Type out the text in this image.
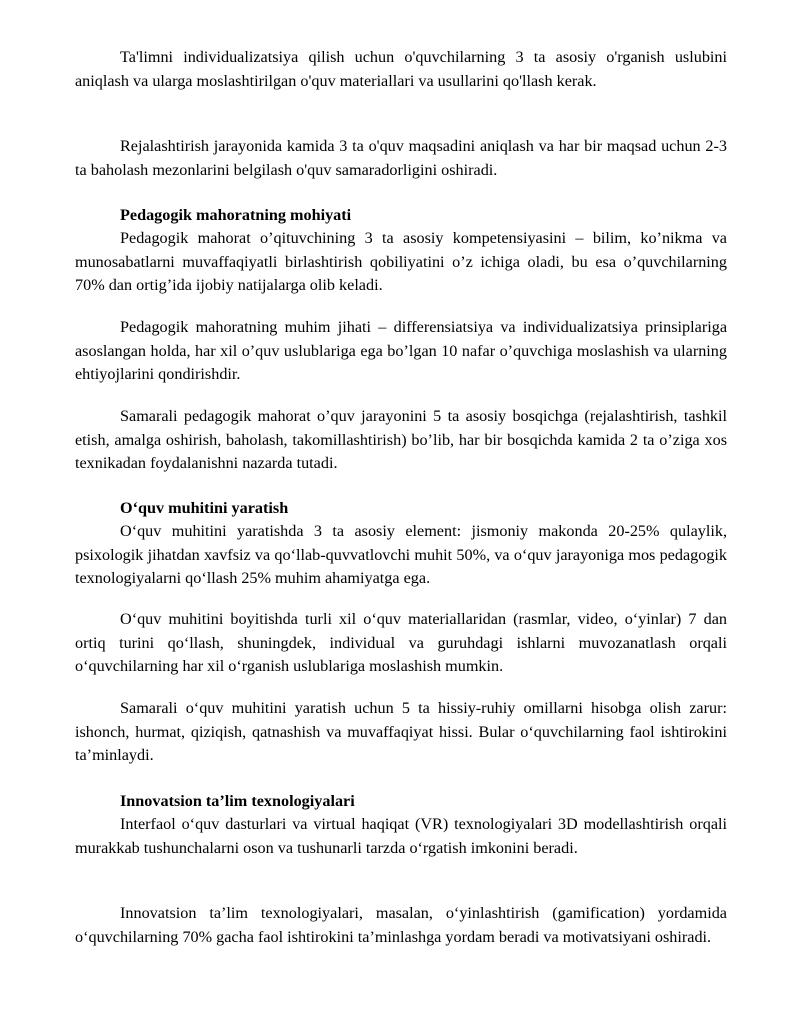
Ta'limni individualizatsiya qilish uchun o'quvchilarning 3 ta asosiy o'rganish uslubini aniqlash va ularga moslashtirilgan o'quv materiallari va usullarini qo'llash kerak.

Rejalashtirish jarayonida kamida 3 ta o'quv maqsadini aniqlash va har bir maqsad uchun 2-3 ta baholash mezonlarini belgilash o'quv samaradorligini oshiradi.

Pedagogik mahoratning mohiyati

Pedagogik mahorat o’qituvchining 3 ta asosiy kompetensiyasini – bilim, ko’nikma va munosabatlarni muvaffaqiyatli birlashtirish qobiliyatini o’z ichiga oladi, bu esa o’quvchilarning 70% dan ortig’ida ijobiy natijalarga olib keladi.

Pedagogik mahoratning muhim jihati – differensiatsiya va individualizatsiya prinsiplariga asoslangan holda, har xil o’quv uslublariga ega bo’lgan 10 nafar o’quvchiga moslashish va ularning ehtiyojlarini qondirishdir.

Samarali pedagogik mahorat o’quv jarayonini 5 ta asosiy bosqichga (rejalashtirish, tashkil etish, amalga oshirish, baholash, takomillashtirish) bo’lib, har bir bosqichda kamida 2 ta o’ziga xos texnikadan foydalanishni nazarda tutadi.

O‘quv muhitini yaratish

O‘quv muhitini yaratishda 3 ta asosiy element: jismoniy makonda 20-25% qulaylik, psixologik jihatdan xavfsiz va qo‘llab-quvvatlovchi muhit 50%, va o‘quv jarayoniga mos pedagogik texnologiyalarni qo‘llash 25% muhim ahamiyatga ega.

O‘quv muhitini boyitishda turli xil o‘quv materiallaridan (rasmlar, video, o‘yinlar) 7 dan ortiq turini qo‘llash, shuningdek, individual va guruhdagi ishlarni muvozanatlash orqali o‘quvchilarning har xil o‘rganish uslublariga moslashish mumkin.

Samarali o‘quv muhitini yaratish uchun 5 ta hissiy-ruhiy omillarni hisobga olish zarur: ishonch, hurmat, qiziqish, qatnashish va muvaffaqiyat hissi. Bular o‘quvchilarning faol ishtirokini ta’minlaydi.

Innovatsion ta’lim texnologiyalari

Interfaol o‘quv dasturlari va virtual haqiqat (VR) texnologiyalari 3D modellashtirish orqali murakkab tushunchalarni oson va tushunarli tarzda o‘rgatish imkonini beradi.

Innovatsion ta’lim texnologiyalari, masalan, o‘yinlashtirish (gamification) yordamida o‘quvchilarning 70% gacha faol ishtirokini ta’minlashga yordam beradi va motivatsiyani oshiradi.
